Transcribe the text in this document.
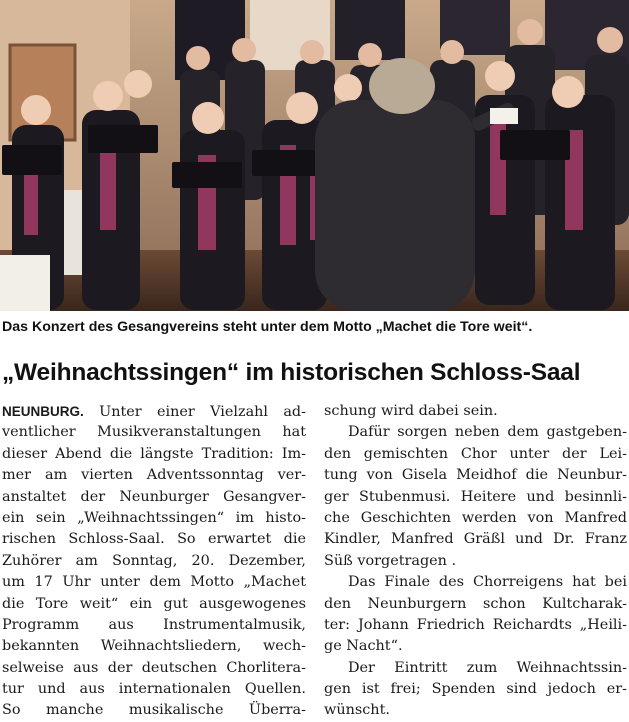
Das Konzert des Gesangvereins steht unter dem Motto „Machet die Tore weit“.
„Weihnachtssingen“ im historischen Schloss-Saal
NEUNBURG. Unter einer Vielzahl ad-
ventlicher Musikveranstaltungen hat
dieser Abend die längste Tradition: Im-
mer am vierten Adventssonntag ver-
anstaltet der Neunburger Gesangver-
ein sein „Weihnachtssingen“ im histo-
rischen Schloss-Saal. So erwartet die
Zuhörer am Sonntag, 20. Dezember,
um 17 Uhr unter dem Motto „Machet
die Tore weit“ ein gut ausgewogenes
Programm aus Instrumentalmusik,
bekannten Weihnachtsliedern, wech-
selweise aus der deutschen Chorlitera-
tur und aus internationalen Quellen.
So manche musikalische Überra-
schung wird dabei sein.
Dafür sorgen neben dem gastgeben-
den gemischten Chor unter der Lei-
tung von Gisela Meidhof die Neunbur-
ger Stubenmusi. Heitere und besinnli-
che Geschichten werden von Manfred
Kindler, Manfred Gräßl und Dr. Franz
Süß vorgetragen .
Das Finale des Chorreigens hat bei
den Neunburgern schon Kultcharak-
ter: Johann Friedrich Reichardts „Heili-
ge Nacht“.
Der Eintritt zum Weihnachtssin-
gen ist frei; Spenden sind jedoch er-
wünscht.
